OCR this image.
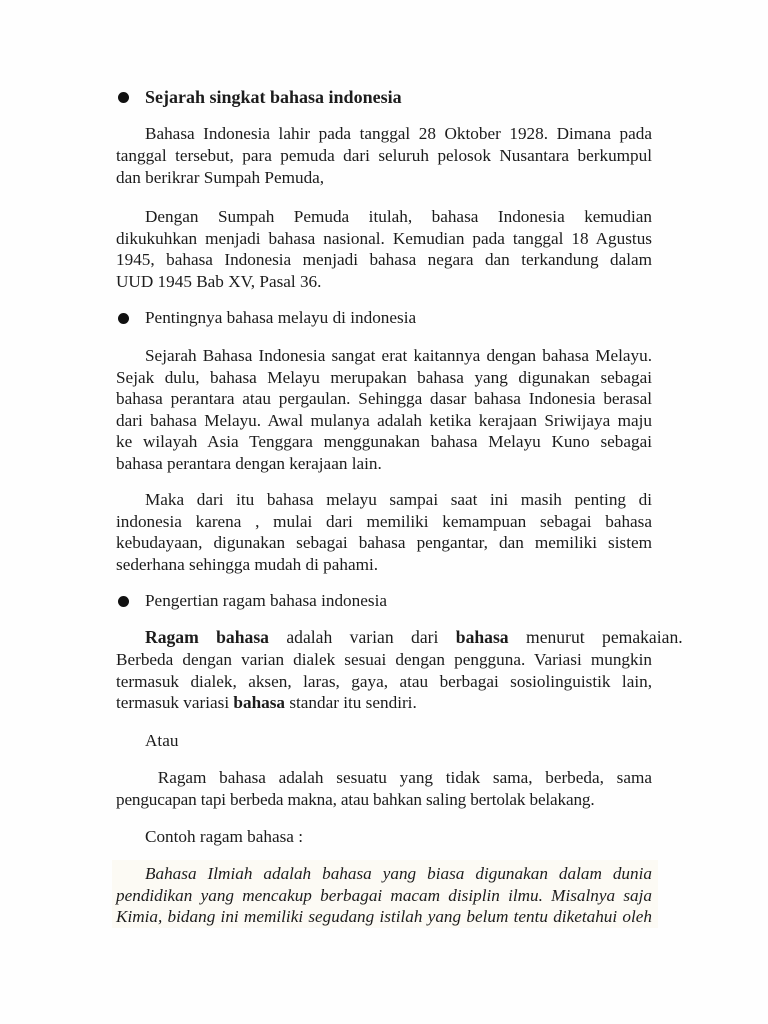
Sejarah singkat bahasa indonesia
Bahasa Indonesia lahir pada tanggal 28 Oktober 1928. Dimana pada
tanggal tersebut, para pemuda dari seluruh pelosok Nusantara berkumpul
dan berikrar Sumpah Pemuda,
Dengan Sumpah Pemuda itulah, bahasa Indonesia kemudian
dikukuhkan menjadi bahasa nasional. Kemudian pada tanggal 18 Agustus
1945, bahasa Indonesia menjadi bahasa negara dan terkandung dalam
UUD 1945 Bab XV, Pasal 36.
Pentingnya bahasa melayu di indonesia
Sejarah Bahasa Indonesia sangat erat kaitannya dengan bahasa Melayu.
Sejak dulu, bahasa Melayu merupakan bahasa yang digunakan sebagai
bahasa perantara atau pergaulan. Sehingga dasar bahasa Indonesia berasal
dari bahasa Melayu. Awal mulanya adalah ketika kerajaan Sriwijaya maju
ke wilayah Asia Tenggara menggunakan bahasa Melayu Kuno sebagai
bahasa perantara dengan kerajaan lain.
Maka dari itu bahasa melayu sampai saat ini masih penting di
indonesia karena , mulai dari memiliki kemampuan sebagai bahasa
kebudayaan, digunakan sebagai bahasa pengantar, dan memiliki sistem
sederhana sehingga mudah di pahami.
Pengertian ragam bahasa indonesia
Ragam bahasa adalah varian dari bahasa menurut pemakaian.
Berbeda dengan varian dialek sesuai dengan pengguna. Variasi mungkin
termasuk dialek, aksen, laras, gaya, atau berbagai sosiolinguistik lain,
termasuk variasi bahasa standar itu sendiri.
Atau
Ragam bahasa adalah sesuatu yang tidak sama, berbeda, sama
pengucapan tapi berbeda makna, atau bahkan saling bertolak belakang.
Contoh ragam bahasa :
Bahasa Ilmiah adalah bahasa yang biasa digunakan dalam dunia
pendidikan yang mencakup berbagai macam disiplin ilmu. Misalnya saja
Kimia, bidang ini memiliki segudang istilah yang belum tentu diketahui oleh
